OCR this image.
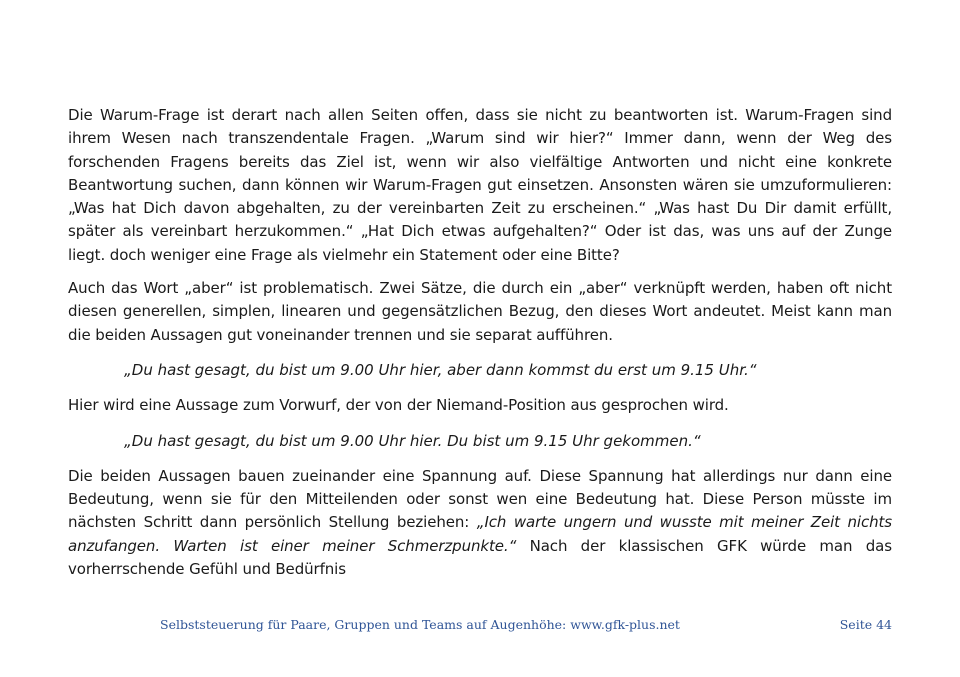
Die Warum-Frage ist derart nach allen Seiten offen, dass sie nicht zu beantworten ist. Warum-Fragen sind ihrem Wesen nach transzendentale Fragen. „Warum sind wir hier?“ Immer dann, wenn der Weg des forschenden Fragens bereits das Ziel ist, wenn wir also vielfältige Antworten und nicht eine konkrete Beantwortung suchen, dann können wir Warum-Fragen gut einsetzen. Ansonsten wären sie umzuformulieren: „Was hat Dich davon abgehalten, zu der vereinbarten Zeit zu erscheinen.“ „Was hast Du Dir damit erfüllt, später als vereinbart herzukommen.“ „Hat Dich etwas aufgehalten?“ Oder ist das, was uns auf der Zunge liegt. doch weniger eine Frage als vielmehr ein Statement oder eine Bitte?

Auch das Wort „aber“ ist problematisch. Zwei Sätze, die durch ein „aber“ verknüpft werden, haben oft nicht diesen generellen, simplen, linearen und gegensätzlichen Bezug, den dieses Wort andeutet. Meist kann man die beiden Aussagen gut voneinander trennen und sie separat aufführen.

„Du hast gesagt, du bist um 9.00 Uhr hier, aber dann kommst du erst um 9.15 Uhr.“

Hier wird eine Aussage zum Vorwurf, der von der Niemand-Position aus gesprochen wird.

„Du hast gesagt, du bist um 9.00 Uhr hier. Du bist um 9.15 Uhr gekommen.“

Die beiden Aussagen bauen zueinander eine Spannung auf. Diese Spannung hat allerdings nur dann eine Bedeutung, wenn sie für den Mitteilenden oder sonst wen eine Bedeutung hat. Diese Person müsste im nächsten Schritt dann persönlich Stellung beziehen: „Ich warte ungern und wusste mit meiner Zeit nichts anzufangen. Warten ist einer meiner Schmerzpunkte.“ Nach der klassischen GFK würde man das vorherrschende Gefühl und Bedürfnis

Selbststeuerung für Paare, Gruppen und Teams auf Augenhöhe: www.gfk-plus.net	Seite 44
